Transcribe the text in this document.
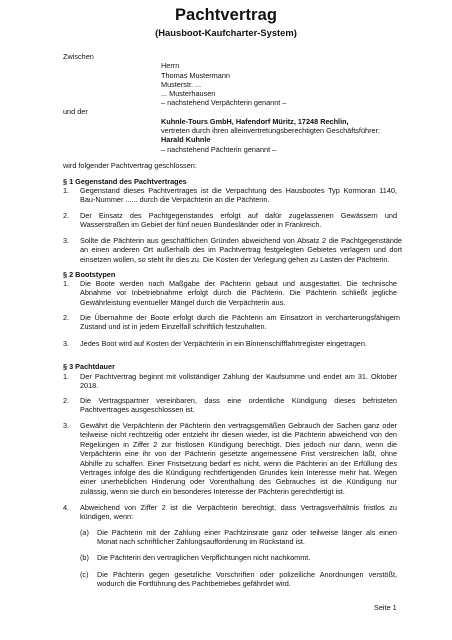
Pachtvertrag
(Hausboot-Kaufcharter-System)
Zwischen
Herrn
Thomas Mustermann
Musterstr. ...
... Musterhausen
– nachstehend Verpächterin genannt –
und der
Kuhnle-Tours GmbH, Hafendorf Müritz, 17248 Rechlin,
vertreten durch ihren alleinvertretungsberechtigten Geschäftsführer:
Harald Kuhnle
– nachstehend Pächterin genannt –
wird folgender Pachtvertrag geschlossen:
§ 1 Gegenstand des Pachtvertrages
1. Gegenstand dieses Pachtvertrages ist die Verpachtung des Hausbootes Typ Kormoran 1140, Bau-Nummer ...... durch die Verpächterin an die Pächterin.
2. Der Einsatz des Pachtgegenstandes erfolgt auf dafür zugelassenen Gewässern und Wasserstraßen im Gebiet der fünf neuen Bundesländer oder in Frankreich.
3. Sollte die Pächterin aus geschäftlichen Gründen abweichend von Absatz 2 die Pachtgegenstände an einen anderen Ort außerhalb des im Pachtvertrag festgelegten Gebietes verlagern und dort einsetzen wollen, so steht ihr dies zu. Die Kosten der Verlegung gehen zu Lasten der Pächterin.
§ 2 Bootstypen
1. Die Boote werden nach Maßgabe der Pächterin gebaut und ausgestattet. Die technische Abnahme vor Inbetriebnahme erfolgt durch die Pächterin. Die Pächterin schließt jegliche Gewährleistung eventueller Mängel durch die Verpächterin aus.
2. Die Übernahme der Boote erfolgt durch die Pächterin am Einsatzort in vercharterungsfähigem Zustand und ist in jedem Einzelfall schriftlich festzuhalten.
3. Jedes Boot wird auf Kosten der Verpächterin in ein Binnenschifffahrtregister eingetragen.
§ 3 Pachtdauer
1. Der Pachtvertrag beginnt mit vollständiger Zahlung der Kaufsumme und endet am 31. Oktober 2018.
2. Die Vertragspartner vereinbaren, dass eine ordentliche Kündigung dieses befristeten Pachtvertrages ausgeschlossen ist.
3. Gewährt die Verpächterin der Pächterin den vertragsgemäßen Gebrauch der Sachen ganz oder teilweise nicht rechtzeitig oder entzieht ihr diesen wieder, ist die Pächterin abweichend von den Regelungen in Ziffer 2 zur fristlosen Kündigung berechtigt. Dies jedoch nur dann, wenn die Verpächterin eine ihr von der Pächterin gesetzte angemessene Frist verstreichen läßt, ohne Abhilfe zu schaffen. Einer Fristsetzung bedarf es nicht, wenn die Pächterin an der Erfüllung des Vertrages infolge des die Kündigung rechtfertigenden Grundes kein Interesse mehr hat. Wegen einer unerheblichen Hinderung oder Vorenthaltung des Gebrauches ist die Kündigung nur zulässig, wenn sie durch ein besonderes Interesse der Pächterin gerechtfertigt ist.
4. Abweichend von Ziffer 2 ist die Verpächterin berechtigt, dass Vertragsverhältnis fristlos zu kündigen, wenn:
(a) Die Pächterin mit der Zahlung einer Pachtzinsrate ganz oder teilweise länger als einen Monat nach schriftlicher Zahlungsaufforderung im Rückstand ist.
(b) Die Pächterin den vertraglichen Verpflichtungen nicht nachkommt.
(c) Die Pächterin gegen gesetzliche Vorschriften oder polizeiliche Anordnungen verstößt, wodurch die Fortführung des Pachtbetriebes gefährdet wird.
Seite 1
